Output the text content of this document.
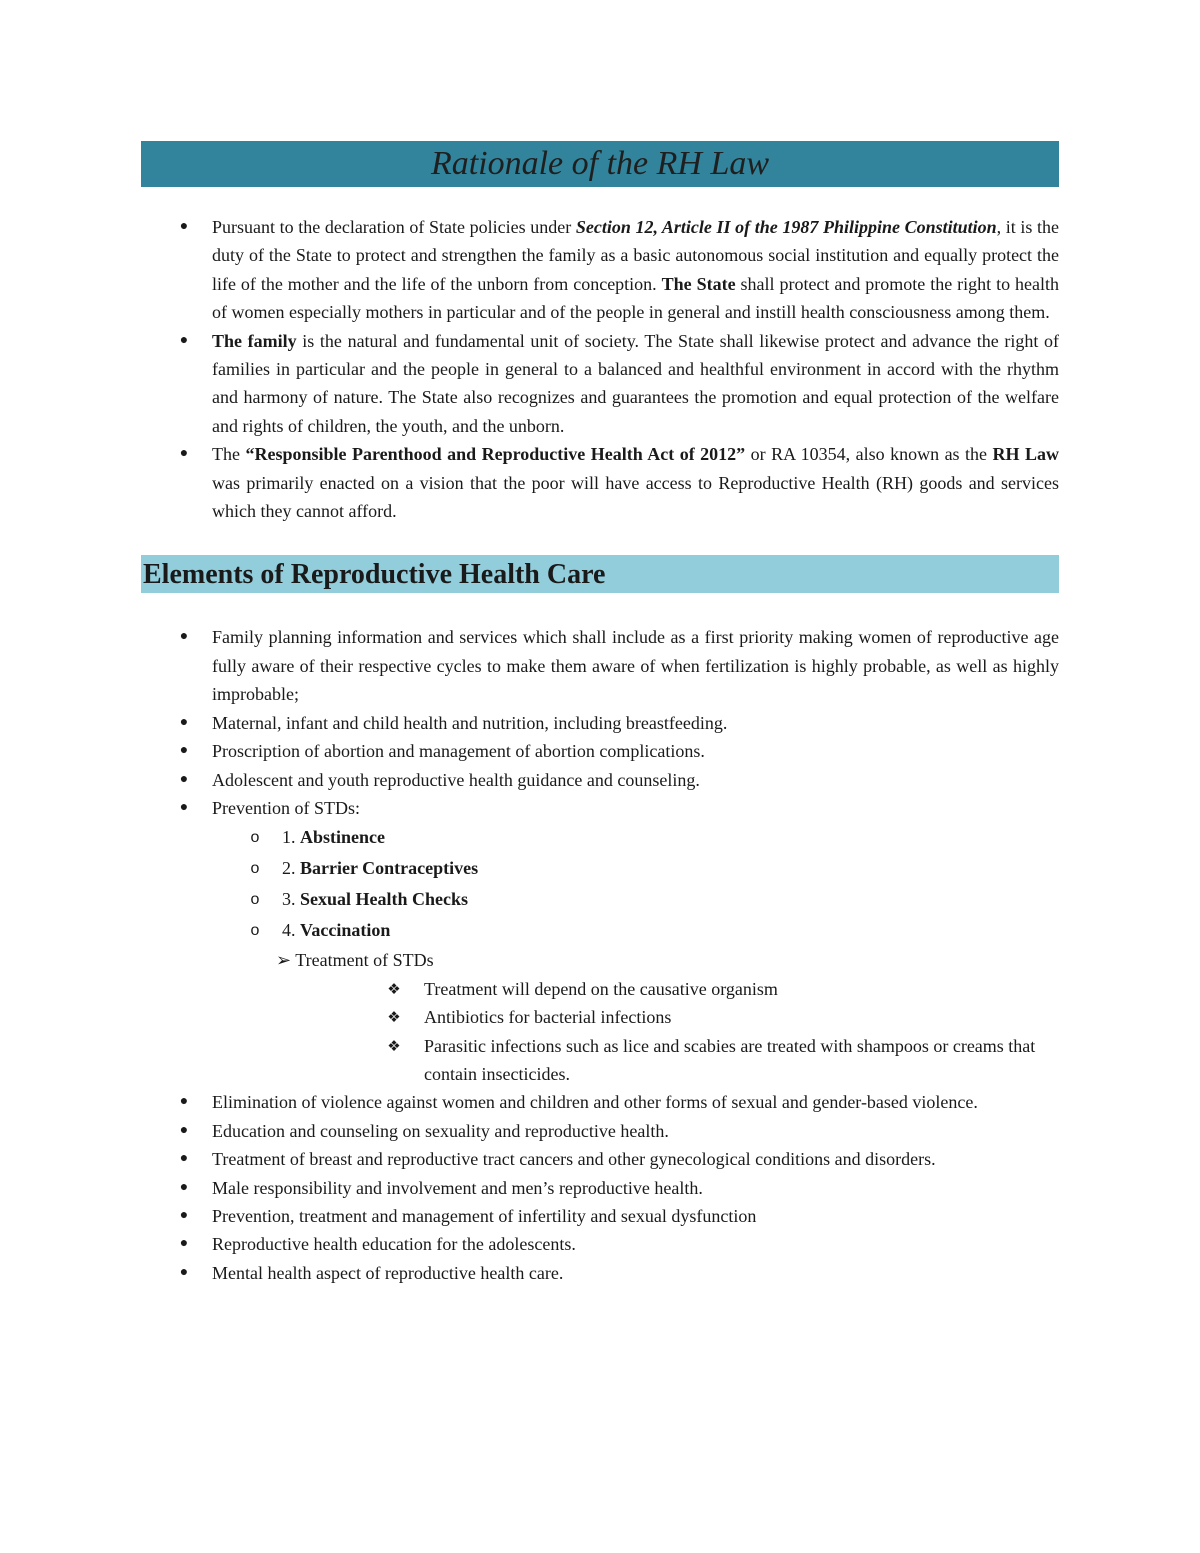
Rationale of the RH Law
●	Pursuant to the declaration of State policies under Section 12, Article II of the 1987 Philippine Constitution, it is the duty of the State to protect and strengthen the family as a basic autonomous social institution and equally protect the life of the mother and the life of the unborn from conception. The State shall protect and promote the right to health of women especially mothers in particular and of the people in general and instill health consciousness among them.
●	The family is the natural and fundamental unit of society. The State shall likewise protect and advance the right of families in particular and the people in general to a balanced and healthful environment in accord with the rhythm and harmony of nature. The State also recognizes and guarantees the promotion and equal protection of the welfare and rights of children, the youth, and the unborn.
●	The “Responsible Parenthood and Reproductive Health Act of 2012” or RA 10354, also known as the RH Law was primarily enacted on a vision that the poor will have access to Reproductive Health (RH) goods and services which they cannot afford.
Elements of Reproductive Health Care
●	Family planning information and services which shall include as a first priority making women of reproductive age fully aware of their respective cycles to make them aware of when fertilization is highly probable, as well as highly improbable;
●	Maternal, infant and child health and nutrition, including breastfeeding.
●	Proscription of abortion and management of abortion complications.
●	Adolescent and youth reproductive health guidance and counseling.
●	Prevention of STDs:
o 1. Abstinence
o 2. Barrier Contraceptives
o 3. Sexual Health Checks
o 4. Vaccination
➢ Treatment of STDs
❖ Treatment will depend on the causative organism
❖ Antibiotics for bacterial infections
❖ Parasitic infections such as lice and scabies are treated with shampoos or creams that contain insecticides.
●	Elimination of violence against women and children and other forms of sexual and gender-based violence.
●	Education and counseling on sexuality and reproductive health.
●	Treatment of breast and reproductive tract cancers and other gynecological conditions and disorders.
●	Male responsibility and involvement and men’s reproductive health.
●	Prevention, treatment and management of infertility and sexual dysfunction
●	Reproductive health education for the adolescents.
●	Mental health aspect of reproductive health care.
